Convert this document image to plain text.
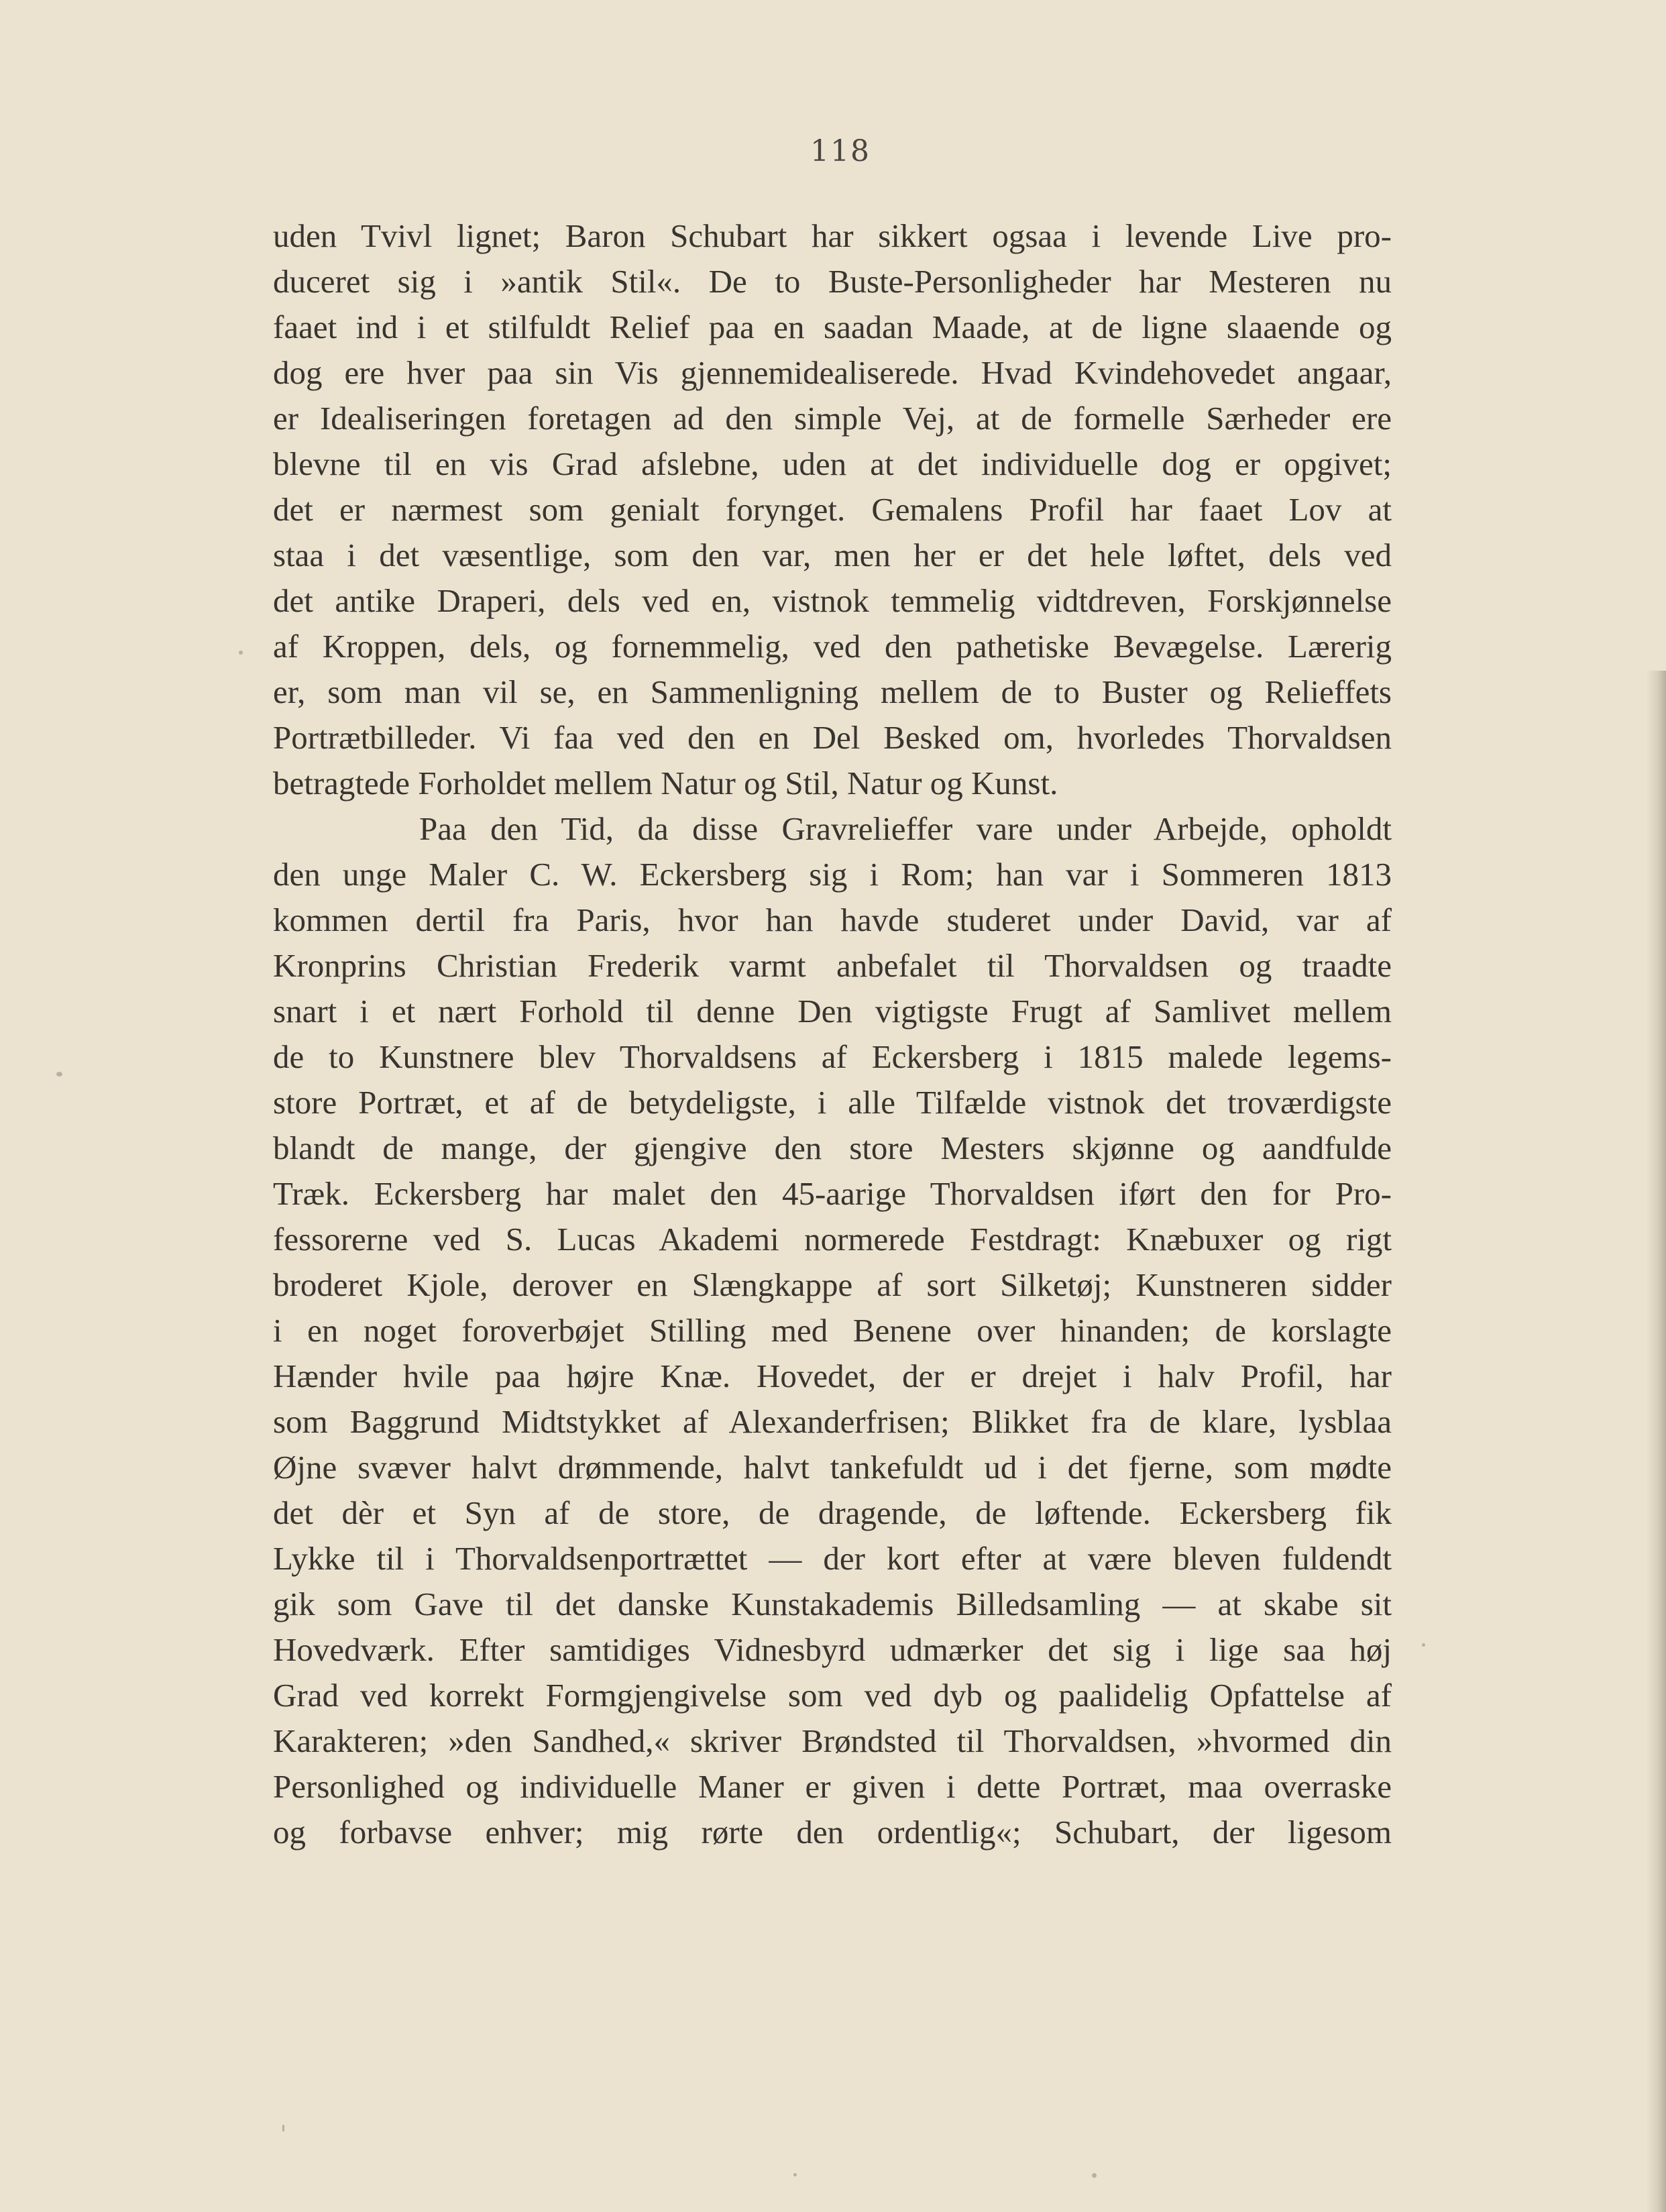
118
uden Tvivl lignet; Baron Schubart har sikkert ogsaa i levende Live pro-
duceret sig i »antik Stil«. De to Buste-Personligheder har Mesteren nu
faaet ind i et stilfuldt Relief paa en saadan Maade, at de ligne slaaende og
dog ere hver paa sin Vis gjennemidealiserede. Hvad Kvindehovedet angaar,
er Idealiseringen foretagen ad den simple Vej, at de formelle Særheder ere
blevne til en vis Grad afslebne, uden at det individuelle dog er opgivet;
det er nærmest som genialt forynget. Gemalens Profil har faaet Lov at
staa i det væsentlige, som den var, men her er det hele løftet, dels ved
det antike Draperi, dels ved en, vistnok temmelig vidtdreven, Forskjønnelse
af Kroppen, dels, og fornemmelig, ved den pathetiske Bevægelse. Lærerig
er, som man vil se, en Sammenligning mellem de to Buster og Relieffets
Portrætbilleder. Vi faa ved den en Del Besked om, hvorledes Thorvaldsen
betragtede Forholdet mellem Natur og Stil, Natur og Kunst.
Paa den Tid, da disse Gravrelieffer vare under Arbejde, opholdt
den unge Maler C. W. Eckersberg sig i Rom; han var i Sommeren 1813
kommen dertil fra Paris, hvor han havde studeret under David, var af
Kronprins Christian Frederik varmt anbefalet til Thorvaldsen og traadte
snart i et nært Forhold til denne Den vigtigste Frugt af Samlivet mellem
de to Kunstnere blev Thorvaldsens af Eckersberg i 1815 malede legems-
store Portræt, et af de betydeligste, i alle Tilfælde vistnok det troværdigste
blandt de mange, der gjengive den store Mesters skjønne og aandfulde
Træk. Eckersberg har malet den 45-aarige Thorvaldsen iført den for Pro-
fessorerne ved S. Lucas Akademi normerede Festdragt: Knæbuxer og rigt
broderet Kjole, derover en Slængkappe af sort Silketøj; Kunstneren sidder
i en noget foroverbøjet Stilling med Benene over hinanden; de korslagte
Hænder hvile paa højre Knæ. Hovedet, der er drejet i halv Profil, har
som Baggrund Midtstykket af Alexanderfrisen; Blikket fra de klare, lysblaa
Øjne svæver halvt drømmende, halvt tankefuldt ud i det fjerne, som mødte
det dèr et Syn af de store, de dragende, de løftende. Eckersberg fik
Lykke til i Thorvaldsenportrættet — der kort efter at være bleven fuldendt
gik som Gave til det danske Kunstakademis Billedsamling — at skabe sit
Hovedværk. Efter samtidiges Vidnesbyrd udmærker det sig i lige saa høj
Grad ved korrekt Formgjengivelse som ved dyb og paalidelig Opfattelse af
Karakteren; »den Sandhed,« skriver Brøndsted til Thorvaldsen, »hvormed din
Personlighed og individuelle Maner er given i dette Portræt, maa overraske
og forbavse enhver; mig rørte den ordentlig«; Schubart, der ligesom
